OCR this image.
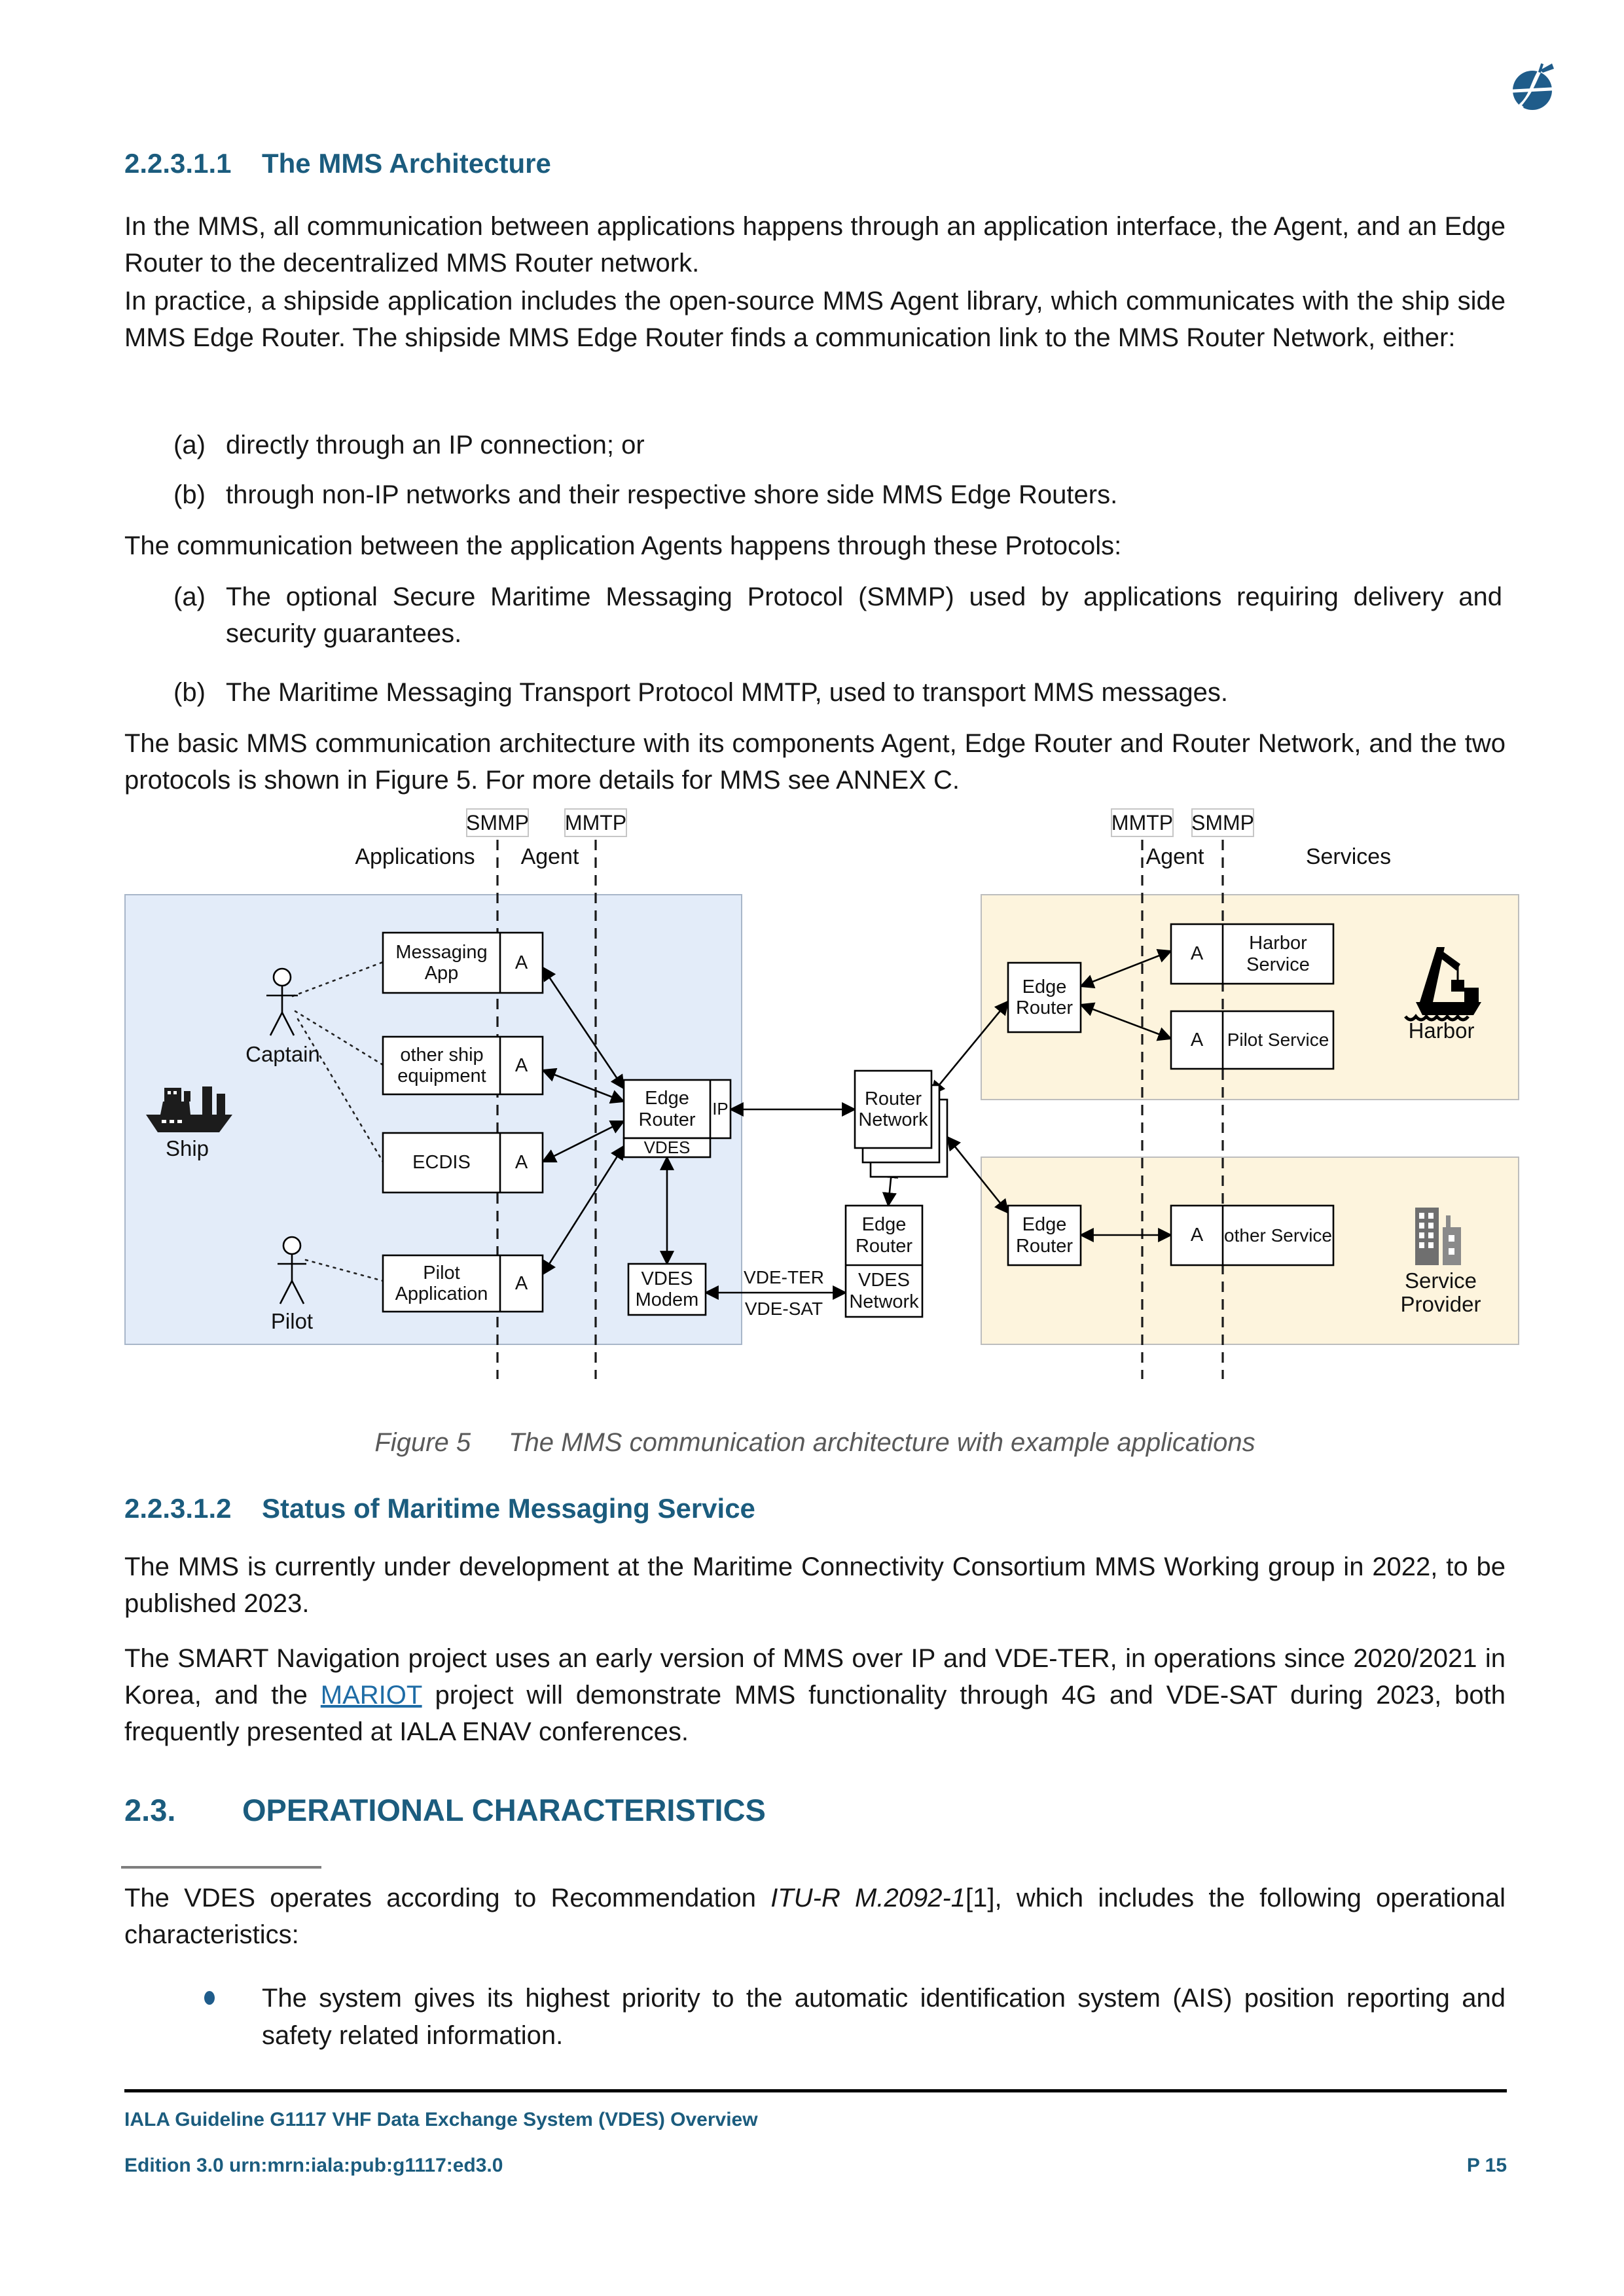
2.2.3.1.1 The MMS Architecture
In the MMS, all communication between applications happens through an application interface, the Agent, and an Edge Router to the decentralized MMS Router network.
In practice, a shipside application includes the open-source MMS Agent library, which communicates with the ship side MMS Edge Router. The shipside MMS Edge Router finds a communication link to the MMS Router Network, either:
(a) directly through an IP connection; or
(b) through non-IP networks and their respective shore side MMS Edge Routers.
The communication between the application Agents happens through these Protocols:
(a) The optional Secure Maritime Messaging Protocol (SMMP) used by applications requiring delivery and security guarantees.
(b) The Maritime Messaging Transport Protocol MMTP, used to transport MMS messages.
The basic MMS communication architecture with its components Agent, Edge Router and Router Network, and the two protocols is shown in Figure 5. For more details for MMS see ANNEX C.
SMMP MMTP	MMTP SMMP
Applications	Agent	Agent	Services
Messaging App
A
other ship equipment
A
ECDIS	A
Pilot Application
A
Edge Router
IP
VDES
VDES Modem
Router Network
Edge Router
VDES Network
VDE-TER
VDE-SAT
Edge Router
A
Harbor Service
A	Pilot Service
Edge Router
A	other Service
Captain
Pilot
Ship
Harbor
Service Provider
Figure 5 The MMS communication architecture with example applications
2.2.3.1.2 Status of Maritime Messaging Service
The MMS is currently under development at the Maritime Connectivity Consortium MMS Working group in 2022, to be published 2023.
The SMART Navigation project uses an early version of MMS over IP and VDE-TER, in operations since 2020/2021 in Korea, and the MARIOT project will demonstrate MMS functionality through 4G and VDE-SAT during 2023, both frequently presented at IALA ENAV conferences.
2.3. OPERATIONAL CHARACTERISTICS
The VDES operates according to Recommendation ITU-R M.2092-1[1], which includes the following operational characteristics:
The system gives its highest priority to the automatic identification system (AIS) position reporting and safety related information.
IALA Guideline G1117 VHF Data Exchange System (VDES) Overview
Edition 3.0 urn:mrn:iala:pub:g1117:ed3.0	P 15
